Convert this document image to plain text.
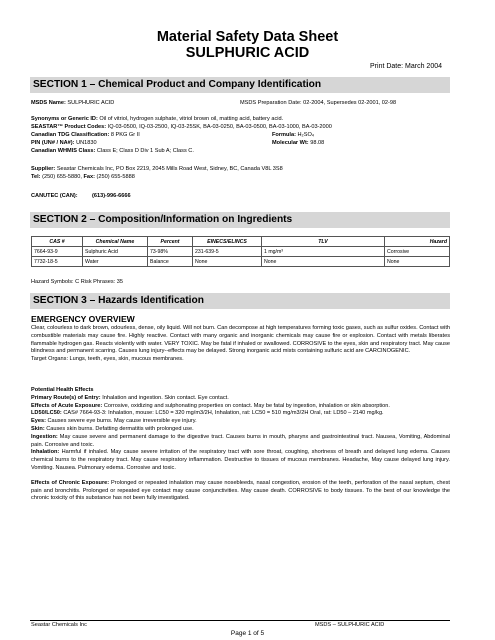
Material Safety Data Sheet
SULPHURIC ACID
Print Date: March 2004
SECTION 1 – Chemical Product and Company Identification
MSDS Name: SULPHURIC ACID	MSDS Preparation Date: 02-2004, Supersedes 02-2001, 02-98
Synonyms or Generic ID: Oil of vitriol, hydrogen sulphate, vitriol brown oil, matting acid, battery acid.
SEASTAR™ Product Codes: IQ-03-0500, IQ-03-2500, IQ-03-25SK, BA-03-0250, BA-03-0500, BA-03-1000, BA-03-2000
Canadian TDG Classification: 8 PKG Gr II	Formula: H₂SO₄
PIN (UN# / NA#): UN1830	Molecular Wt: 98.08
Canadian WHMIS Class: Class E; Class D Div 1 Sub A; Class C.
Supplier: Seastar Chemicals Inc, PO Box 2219, 2045 Mills Road West, Sidney, BC, Canada V8L 3S8
Tel: (250) 655-5880, Fax: (250) 655-5888
CANUTEC (CAN):	(613)-996-6666
SECTION 2 – Composition/Information on Ingredients
CAS #	Chemical Name	Percent	EINECS/ELINCS	TLV	Hazard
7664-93-9	Sulphuric Acid	73-98%	231-639-5	1 mg/m³	Corrosive
7732-18-5	Water	Balance	None	None	None
Hazard Symbols: C Risk Phrases: 35
SECTION 3 – Hazards Identification
EMERGENCY OVERVIEW

Clear, colourless to dark brown, odourless, dense, oily liquid. Will not burn. Can decompose at high temperatures forming toxic gases, such as sulfur oxides. Contact with combustible materials may cause fire. Highly reactive. Contact with many organic and inorganic chemicals may cause fire or explosion. Contact with metals liberates flammable hydrogen gas. Reacts violently with water. VERY TOXIC. May be fatal if inhaled or swallowed. CORROSIVE to the eyes, skin and respiratory tract. May cause blindness and permanent scarring. Causes lung injury--effects may be delayed. Strong inorganic acid mists containing sulfuric acid are CARCINOGENIC.

Target Organs: Lungs, teeth, eyes, skin, mucous membranes.

Potential Health Effects

Primary Route(s) of Entry: Inhalation and ingestion. Skin contact. Eye contact.

Effects of Acute Exposure: Corrosive, oxidizing and sulphonating properties on contact. May be fatal by ingestion, inhalation or skin absorption.

LD50/LC50: CAS# 7664-93-3: Inhalation, mouse: LC50 = 320 mg/m3/2H, Inhalation, rat: LC50 = 510 mg/m3/2H Oral, rat: LD50 – 2140 mg/kg.

Eyes: Causes severe eye burns. May cause irreversible eye injury.

Skin: Causes skin burns. Defatting dermatitis with prolonged use.

Ingestion: May cause severe and permanent damage to the digestive tract. Causes burns in mouth, pharynx and gastrointestinal tract. Nausea, Vomiting, Abdominal pain. Corrosive and toxic.

Inhalation: Harmful if inhaled. May cause severe irritation of the respiratory tract with sore throat, coughing, shortness of breath and delayed lung edema. Causes chemical burns to the respiratory tract. May cause respiratory inflammation. Destructive to tissues of mucous membranes. Headache, May cause delayed lung injury. Vomiting. Nausea. Pulmonary edema. Corrosive and toxic.

Effects of Chronic Exposure: Prolonged or repeated inhalation may cause nosebleeds, nasal congestion, erosion of the teeth, perforation of the nasal septum, chest pain and bronchitis. Prolonged or repeated eye contact may cause conjunctivities. May cause death. CORROSIVE to body tissues. To the best of our knowledge the chronic toxicity of this substance has not been fully investigated.

Seastar Chemicals Inc	MSDS – SULPHURIC ACID
Page 1 of 5
